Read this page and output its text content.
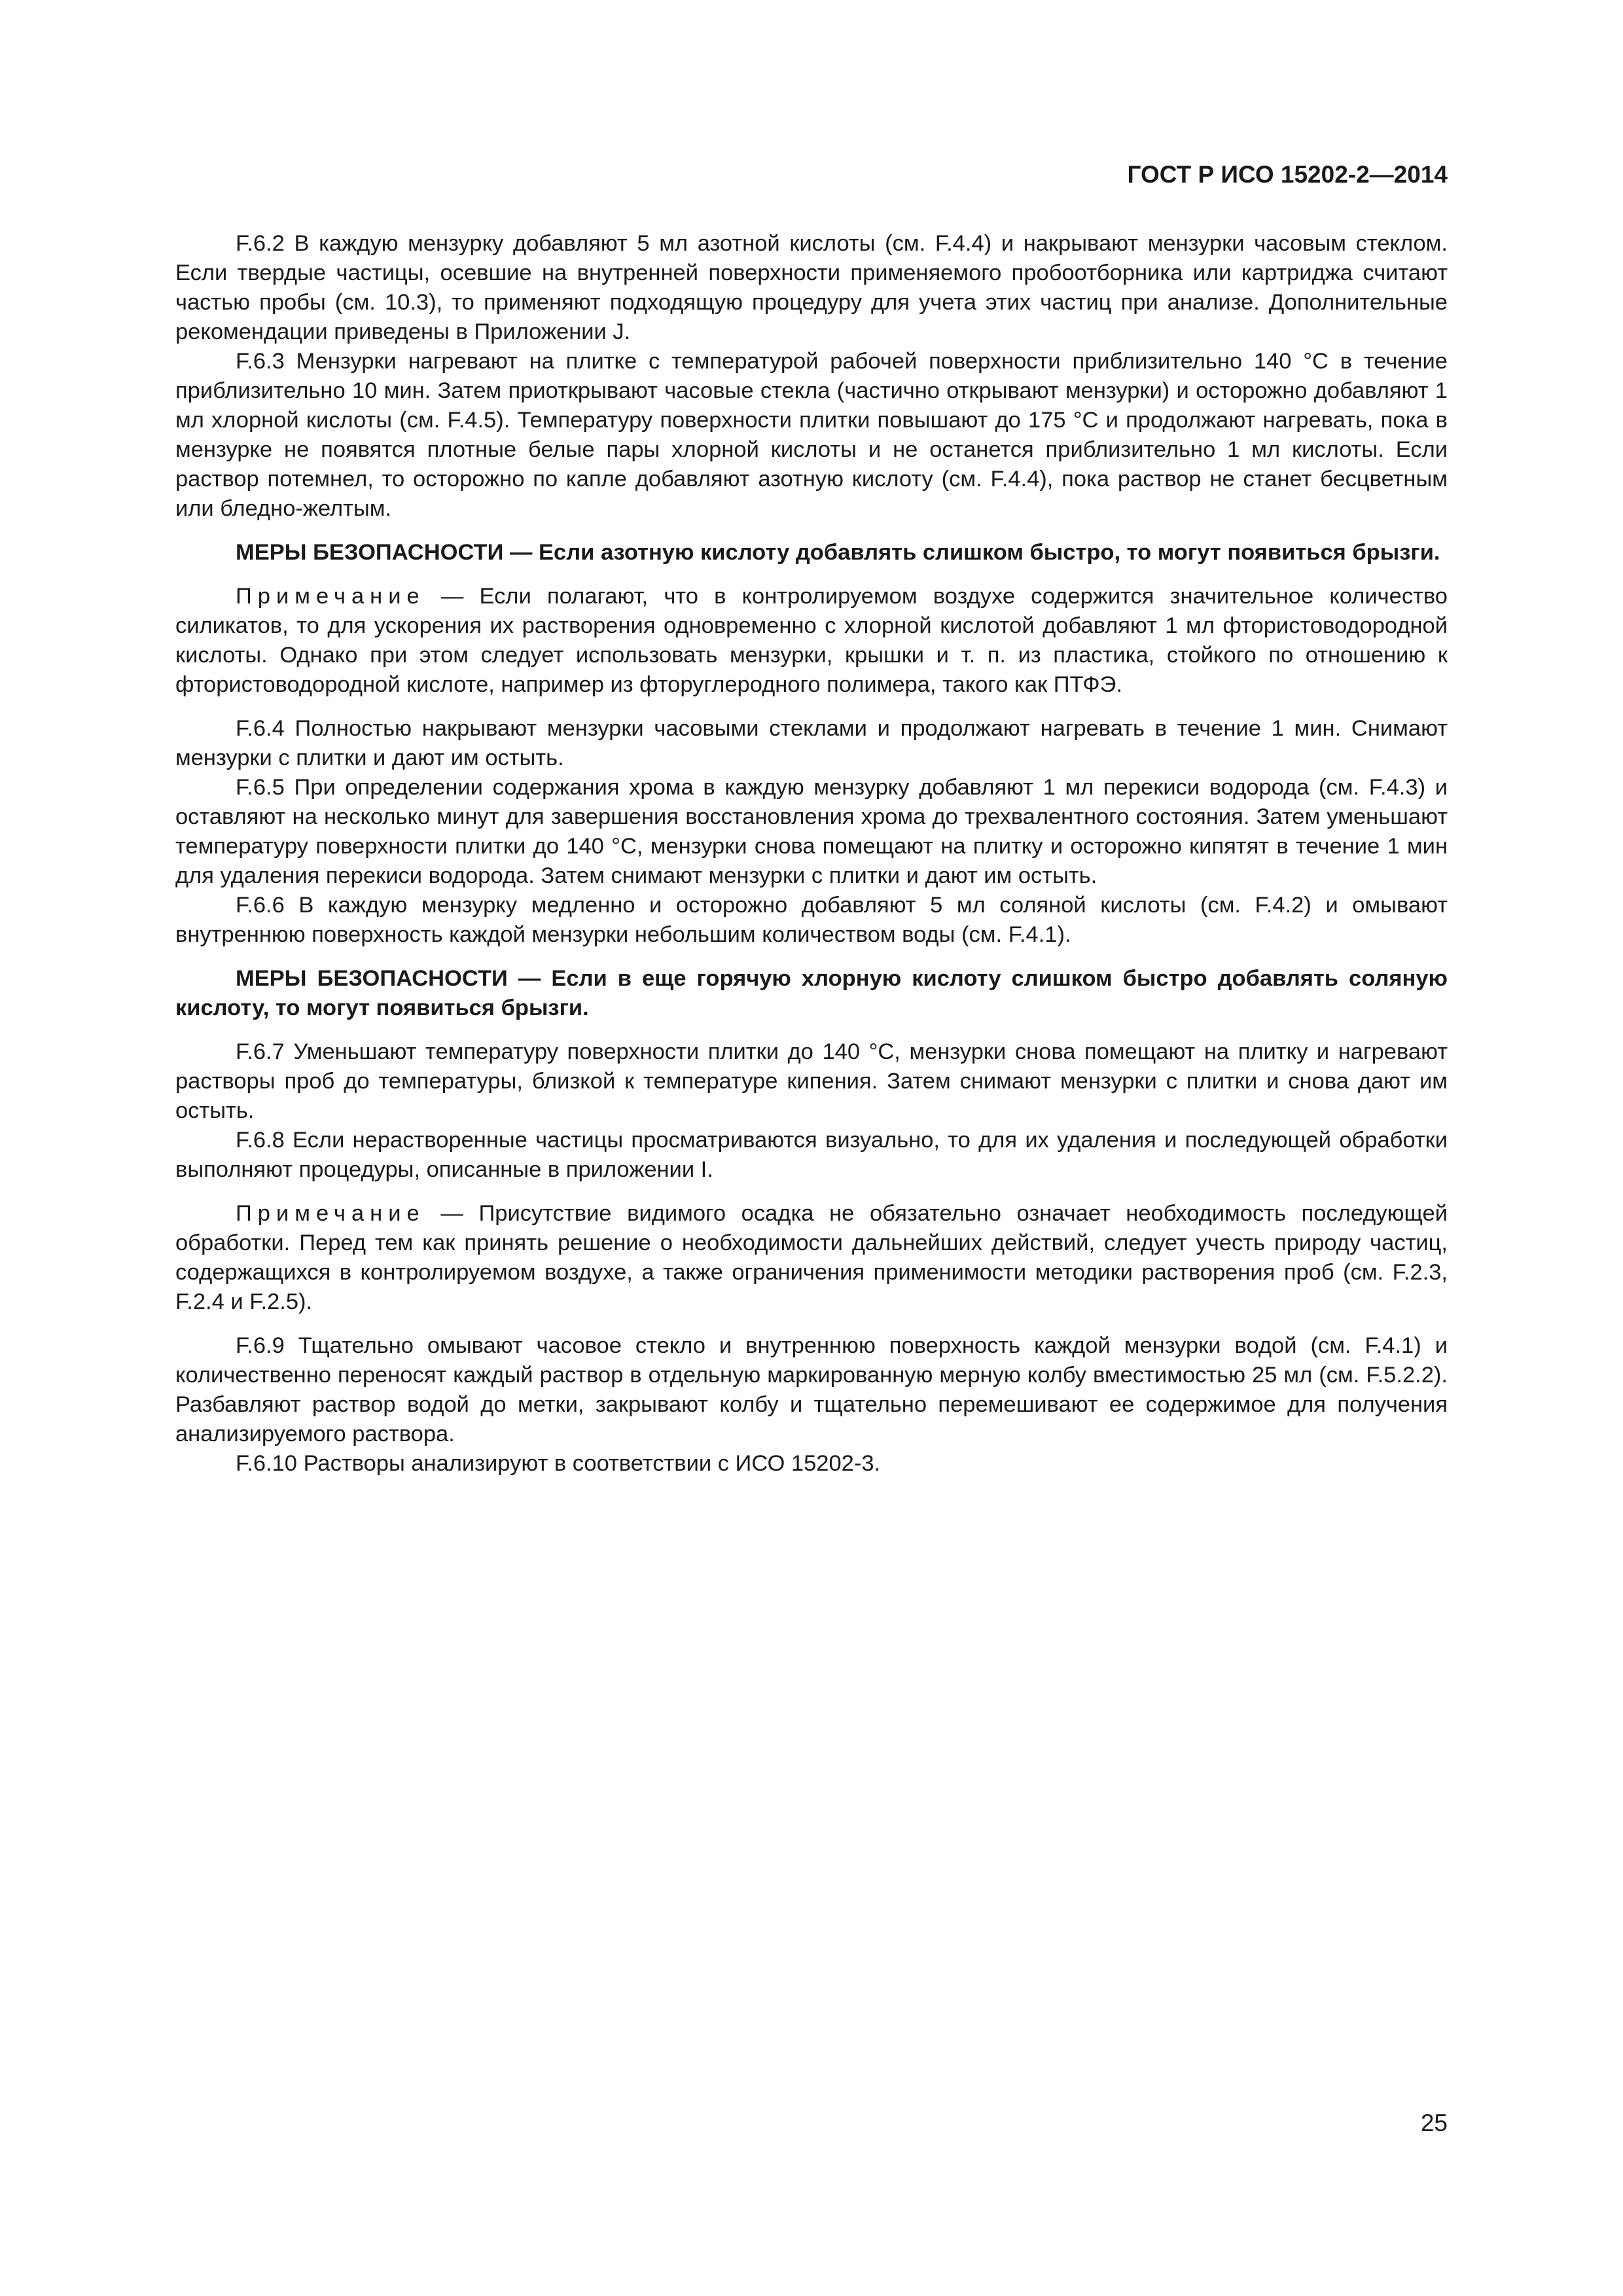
ГОСТ Р ИСО 15202-2—2014

F.6.2 В каждую мензурку добавляют 5 мл азотной кислоты (см. F.4.4) и накрывают мензурки часовым стеклом. Если твердые частицы, осевшие на внутренней поверхности применяемого пробоотборника или картриджа считают частью пробы (см. 10.3), то применяют подходящую процедуру для учета этих частиц при анализе. Дополнительные рекомендации приведены в Приложении J.

F.6.3 Мензурки нагревают на плитке с температурой рабочей поверхности приблизительно 140 °C в течение приблизительно 10 мин. Затем приоткрывают часовые стекла (частично открывают мензурки) и осторожно добавляют 1 мл хлорной кислоты (см. F.4.5). Температуру поверхности плитки повышают до 175 °C и продолжают нагревать, пока в мензурке не появятся плотные белые пары хлорной кислоты и не останется приблизительно 1 мл кислоты. Если раствор потемнел, то осторожно по капле добавляют азотную кислоту (см. F.4.4), пока раствор не станет бесцветным или бледно-желтым.

МЕРЫ БЕЗОПАСНОСТИ — Если азотную кислоту добавлять слишком быстро, то могут появиться брызги.

Примечание — Если полагают, что в контролируемом воздухе содержится значительное количество силикатов, то для ускорения их растворения одновременно с хлорной кислотой добавляют 1 мл фтористоводородной кислоты. Однако при этом следует использовать мензурки, крышки и т. п. из пластика, стойкого по отношению к фтористоводородной кислоте, например из фторуглеродного полимера, такого как ПТФЭ.

F.6.4 Полностью накрывают мензурки часовыми стеклами и продолжают нагревать в течение 1 мин. Снимают мензурки с плитки и дают им остыть.

F.6.5 При определении содержания хрома в каждую мензурку добавляют 1 мл перекиси водорода (см. F.4.3) и оставляют на несколько минут для завершения восстановления хрома до трехвалентного состояния. Затем уменьшают температуру поверхности плитки до 140 °C, мензурки снова помещают на плитку и осторожно кипятят в течение 1 мин для удаления перекиси водорода. Затем снимают мензурки с плитки и дают им остыть.

F.6.6 В каждую мензурку медленно и осторожно добавляют 5 мл соляной кислоты (см. F.4.2) и омывают внутреннюю поверхность каждой мензурки небольшим количеством воды (см. F.4.1).

МЕРЫ БЕЗОПАСНОСТИ — Если в еще горячую хлорную кислоту слишком быстро добавлять соляную кислоту, то могут появиться брызги.

F.6.7 Уменьшают температуру поверхности плитки до 140 °C, мензурки снова помещают на плитку и нагревают растворы проб до температуры, близкой к температуре кипения. Затем снимают мензурки с плитки и снова дают им остыть.

F.6.8 Если нерастворенные частицы просматриваются визуально, то для их удаления и последующей обработки выполняют процедуры, описанные в приложении I.

Примечание — Присутствие видимого осадка не обязательно означает необходимость последующей обработки. Перед тем как принять решение о необходимости дальнейших действий, следует учесть природу частиц, содержащихся в контролируемом воздухе, а также ограничения применимости методики растворения проб (см. F.2.3, F.2.4 и F.2.5).

F.6.9 Тщательно омывают часовое стекло и внутреннюю поверхность каждой мензурки водой (см. F.4.1) и количественно переносят каждый раствор в отдельную маркированную мерную колбу вместимостью 25 мл (см. F.5.2.2). Разбавляют раствор водой до метки, закрывают колбу и тщательно перемешивают ее содержимое для получения анализируемого раствора.

F.6.10 Растворы анализируют в соответствии с ИСО 15202-3.

25
